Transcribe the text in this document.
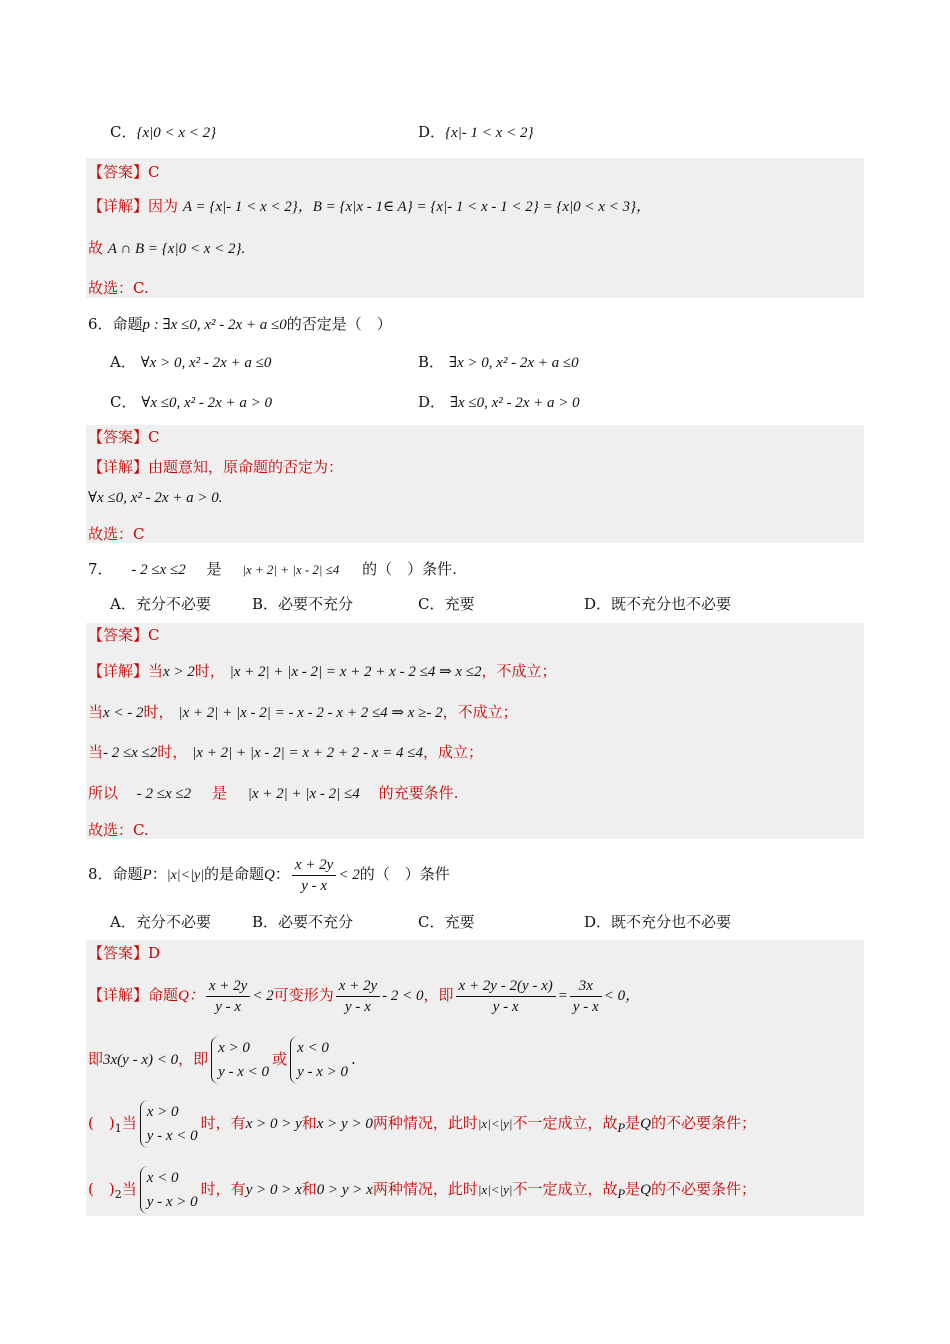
C．{x|0 < x < 2}	D．{x|- 1 < x < 2}
【答案】C
【详解】因为 A = {x|- 1 < x < 2}，B = {x|x - 1∈ A} = {x|- 1 < x - 1 < 2} = {x|0 < x < 3}，
故 A ∩ B = {x|0 < x < 2}.
故选：C.
6．命题p : ∃x ≤0, x² - 2x + a ≤0的否定是（　）
A． ∀x > 0, x² - 2x + a ≤0	B． ∃x > 0, x² - 2x + a ≤0
C． ∀x ≤0, x² - 2x + a > 0	D． ∃x ≤0, x² - 2x + a > 0
【答案】C
【详解】由题意知，原命题的否定为：
∀x ≤0, x² - 2x + a > 0.
故选：C
7． - 2 ≤x ≤2 是 |x + 2| + |x - 2| ≤4 的（　）条件.
A．充分不必要	B．必要不充分	C．充要	D．既不充分也不必要
【答案】C
【详解】当x > 2时， |x + 2| + |x - 2| = x + 2 + x - 2 ≤4 ⇒ x ≤2，不成立；
当x < - 2时， |x + 2| + |x - 2| = - x - 2 - x + 2 ≤4 ⇒ x ≥- 2，不成立；
当- 2 ≤x ≤2时， |x + 2| + |x - 2| = x + 2 + 2 - x = 4 ≤4，成立；
所以 - 2 ≤x ≤2 是 |x + 2| + |x - 2| ≤4 的充要条件.
故选：C.
8．命题P：|x|<|y|的是命题Q： $\frac{x + 2y}{y - x} < 2$的（　）条件
A．充分不必要	B．必要不充分	C．充要	D．既不充分也不必要
【答案】D
【详解】命题Q： $\frac{x + 2y}{y - x} < 2$可变形为 $\frac{x + 2y}{y - x} - 2 < 0$，即 $\frac{x + 2y - 2(y - x)}{y - x} = \frac{3x}{y - x} < 0$，
即3x(y - x) < 0，即
x > 0
y - x < 0
或
x < 0
y - x > 0
.
(　)$_1$当
x > 0
y - x < 0
时，有x > 0 > y和x > y > 0两种情况，此时|x|<|y|不一定成立，故$_P$是Q的不必要条件；
(　)$_2$当
x < 0
y - x > 0
时，有y > 0 > x和0 > y > x两种情况，此时|x|<|y|不一定成立，故$_P$是Q的不必要条件；
